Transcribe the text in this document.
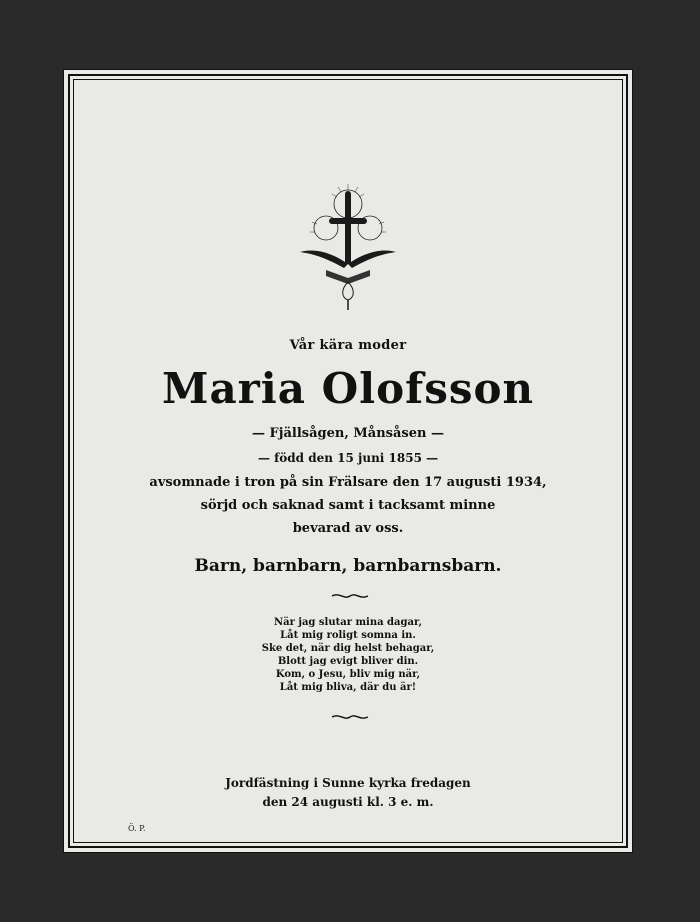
Vår kära moder
Maria Olofsson
— Fjällsågen, Månsåsen —
— född den 15 juni 1855 —
avsomnade i tron på sin Frälsare den 17 augusti 1934,
sörjd och saknad samt i tacksamt minne
bevarad av oss.
Barn, barnbarn, barnbarnsbarn.
När jag slutar mina dagar,
Låt mig roligt somna in.
Ske det, när dig helst behagar,
Blott jag evigt bliver din.
Kom, o Jesu, bliv mig när,
Låt mig bliva, där du är!
Jordfästning i Sunne kyrka fredagen
den 24 augusti kl. 3 e. m.
Ö. P.
